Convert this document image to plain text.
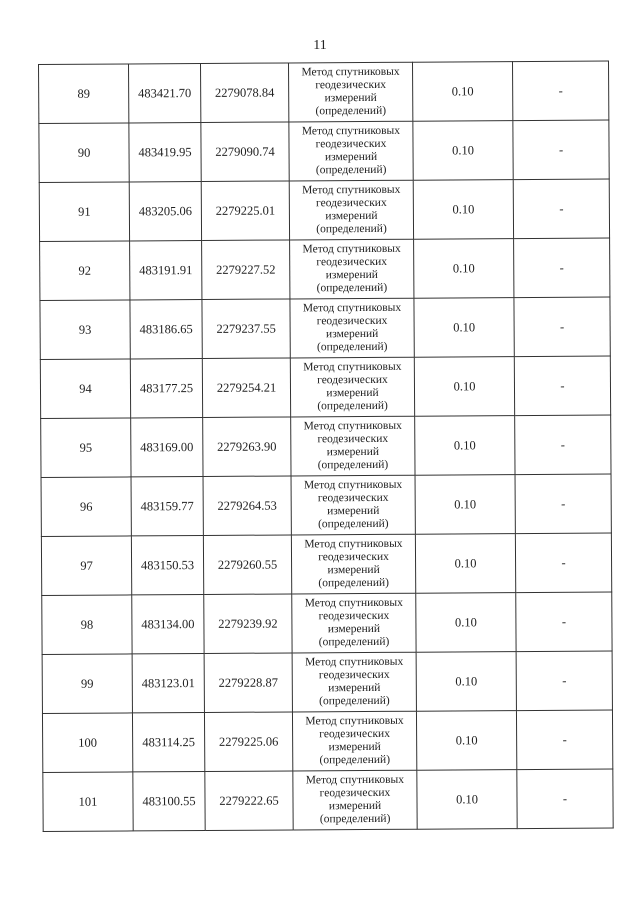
11
89	483421.70	2279078.84	Метод спутниковых геодезических измерений (определений)	0.10	-
90	483419.95	2279090.74	Метод спутниковых геодезических измерений (определений)	0.10	-
91	483205.06	2279225.01	Метод спутниковых геодезических измерений (определений)	0.10	-
92	483191.91	2279227.52	Метод спутниковых геодезических измерений (определений)	0.10	-
93	483186.65	2279237.55	Метод спутниковых геодезических измерений (определений)	0.10	-
94	483177.25	2279254.21	Метод спутниковых геодезических измерений (определений)	0.10	-
95	483169.00	2279263.90	Метод спутниковых геодезических измерений (определений)	0.10	-
96	483159.77	2279264.53	Метод спутниковых геодезических измерений (определений)	0.10	-
97	483150.53	2279260.55	Метод спутниковых геодезических измерений (определений)	0.10	-
98	483134.00	2279239.92	Метод спутниковых геодезических измерений (определений)	0.10	-
99	483123.01	2279228.87	Метод спутниковых геодезических измерений (определений)	0.10	-
100	483114.25	2279225.06	Метод спутниковых геодезических измерений (определений)	0.10	-
101	483100.55	2279222.65	Метод спутниковых геодезических измерений (определений)	0.10	-
